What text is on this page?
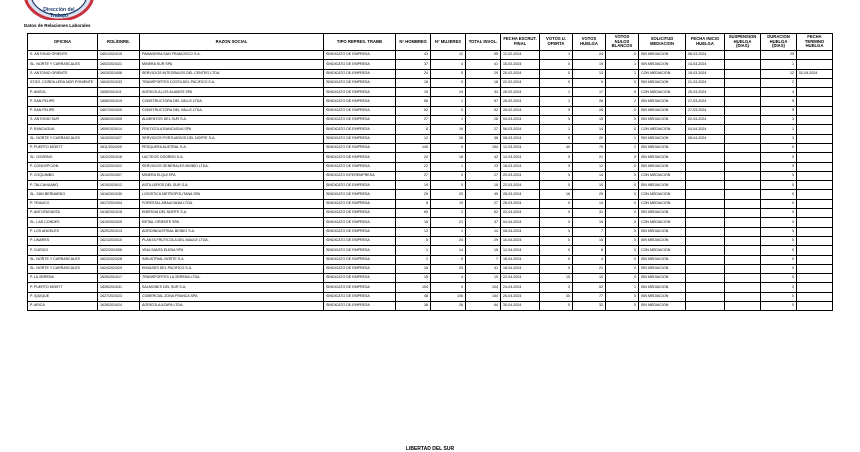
Dirección del
Trabajo
Datos de Relaciones Laborales
OFICINA	ROL/DNRE.	RAZON SOCIAL	TIPO REPRES. TRABB	N° HOMBRES	N° MUJERES	TOTAL INVOL.	FECHA ESCRUT. FINAL	VOTOS U. OFERTA	VOTOS HUELGA	VOTOS NULOS BLANCOS	SOLICITUD MEDIACION	FECHA INICIO HUELGA	SUSPENSION HUELGA (DIAS)	DURACION HUELGA (DIAS)	FECHA TERMINO HUELGA
S. ANTONIO ORIENTE	1601/2024/15	PANADERIA SAN FRANCISCO S.A.	SINDICATO DE EMPRESA	43	12	55	12-02-2024	1	24	0	SIN MEDIACION	08-03-2024		20	
SL. NORTE Y CARRASCALES	1602/2024/21	MINERA SUR SPA	SINDICATO DE EMPRESA	37	4	41	15-02-2024	0	19	1	SIN MEDIACION	14-03-2024		1	
S. ANTONIO ORIENTE	1603/2024/08	SERVICIOS INTEGRALES DEL CENTRO LTDA.	SINDICATO DE EMPRESA	24	5	29	20-02-2024	0	13	1	CON MEDIACION	19-03-2024		12	02-04-2024
STGO. CORDILLERA NOR PONIENTE	1604/2024/33	TRANSPORTES COSTA DEL PACIFICO S.A.	SINDICATO DE EMPRESA	18	0	18	22-02-2024	0	9	0	SIN MEDIACION	21-03-2024		2	
P. ANGOL	1605/2024/11	AGRICOLA LOS ALAMOS SPA	SINDICATO DE EMPRESA	15	19	34	26-02-2024	1	17	0	CON MEDIACION	25-03-2024		4	
P. SAN FELIPE	1606/2024/19	CONSTRUCTORA DEL VALLE LTDA.	SINDICATO DE EMPRESA	56	1	57	28-02-2024	1	28	2	SIN MEDIACION	27-03-2024		5	
P. SAN FELIPE	1607/2024/20	CONSTRUCTORA DEL VALLE LTDA.	SINDICATO DE EMPRESA	52	0	52	28-02-2024	0	26	0	SIN MEDIACION	27-03-2024		5	
S. ANTONIO SUR	1608/2024/05	ALIMENTOS DEL SUR S.A.	SINDICATO DE EMPRESA	27	1	28	04-03-2024	0	15	0	SIN MEDIACION	02-04-2024		3	
P. RANCAGUA	1609/2024/14	FRUTICOLA RANCAGUA SPA	SINDICATO DE EMPRESA	8	19	27	06-03-2024	1	14	0	CON MEDIACION	04-04-2024		1	
SL. NORTE Y CARRASCALES	1610/2024/27	SERVICIOS PORTUARIOS DEL NORTE S.A.	SINDICATO DE EMPRESA	12	26	38	08-03-2024	0	20	1	SIN MEDIACION	08-04-2024		3	
P. PUERTO MONTT	1611/2024/09	PESQUERA AUSTRAL S.A.	SINDICATO DE EMPRESA	145	9	154	12-03-2024	40	70	2	SIN MEDIACION			0	
SL. OSORNO	1612/2024/16	LACTEOS OSORNO S.A.	SINDICATO DE EMPRESA	24	18	42	14-03-2024	0	21	0	SIN MEDIACION			0	
P. CONCEPCION	1613/2024/22	SERVICIOS GENERALES BIOBIO LTDA.	SINDICATO DE EMPRESA	22	1	23	18-03-2024	0	12	0	SIN MEDIACION			0	
P. COQUIMBO	1614/2024/07	MINERA ELQUI SPA	SINDICATO INTEREMPRESA	27	0	27	20-03-2024	0	14	0	CON MEDIACION			0	
P. TALCAHUANO	1615/2024/12	ASTILLEROS DEL SUR S.A.	SINDICATO DE EMPRESA	19	0	19	22-03-2024	0	10	0	SIN MEDIACION			0	
SL. SAN BERNARDO	1616/2024/30	LOGISTICA METROPOLITANA SPA	SINDICATO DE EMPRESA	29	20	49	26-03-2024	16	25	0	CON MEDIACION			0	
P. TEMUCO	1617/2024/04	FORESTAL ARAUCANIA LTDA.	SINDICATO DE EMPRESA	8	19	27	28-03-2024	0	14	0	CON MEDIACION			0	
P. ANTOFAGASTA	1618/2024/18	ENERGIA DEL NORTE S.A.	SINDICATO DE EMPRESA	60	2	62	02-04-2024	0	31	0	SIN MEDIACION			0	
SL. LAS CONDES	1619/2024/25	RETAIL ORIENTE SPA	SINDICATO DE EMPRESA	16	21	37	04-04-2024	0	19	0	CON MEDIACION			0	
P. LOS ANGELES	1620/2024/13	AGROINDUSTRIAL BIOBIO S.A.	SINDICATO DE EMPRESA	13	1	14	08-04-2024	0	7	0	SIN MEDIACION			0	
P. LINARES	1621/2024/10	PLANTA FRUTICOLA DEL MAULE LTDA.	SINDICATO DE EMPRESA	5	24	29	10-04-2024	0	15	0	SIN MEDIACION			0	
P. CURICO	1622/2024/06	VINA SANTA ELENA SPA	SINDICATO DE EMPRESA	1	14	15	12-04-2024	0	8	0	CON MEDIACION			0	
SL. NORTE Y CARRASCALES	1623/2024/28	INDUSTRIAL NORTE S.A.	SINDICATO DE EMPRESA	2	5	7	16-04-2024	0	4	0	SIN MEDIACION			0	
SL. NORTE Y CARRASCALES	1624/2024/29	ENVASES DEL PACIFICO S.A.	SINDICATO DE EMPRESA	16	25	41	18-04-2024	0	21	0	SIN MEDIACION			0	
P. LA SERENA	1625/2024/17	TRANSPORTES LA SERENA LTDA.	SINDICATO DE EMPRESA	15	4	19	22-04-2024	10	10	0	SIN MEDIACION			0	
P. PUERTO MONTT	1626/2024/31	SALMONES DEL SUR S.A.	SINDICATO DE EMPRESA	104	0	104	24-04-2024	0	52	1	SIN MEDIACION			0	
P. IQUIQUE	1627/2024/23	COMERCIAL ZONA FRANCA SPA	SINDICATO DE EMPRESA	48	106	154	26-04-2024	30	77	0	SIN MEDIACION			0	
P. ARICA	1628/2024/24	AGRICOLA AZAPA LTDA.	SINDICATO DE EMPRESA	38	26	64	30-04-2024	0	32	0	SIN MEDIACION			0	
LIBERTAD DEL SUR
